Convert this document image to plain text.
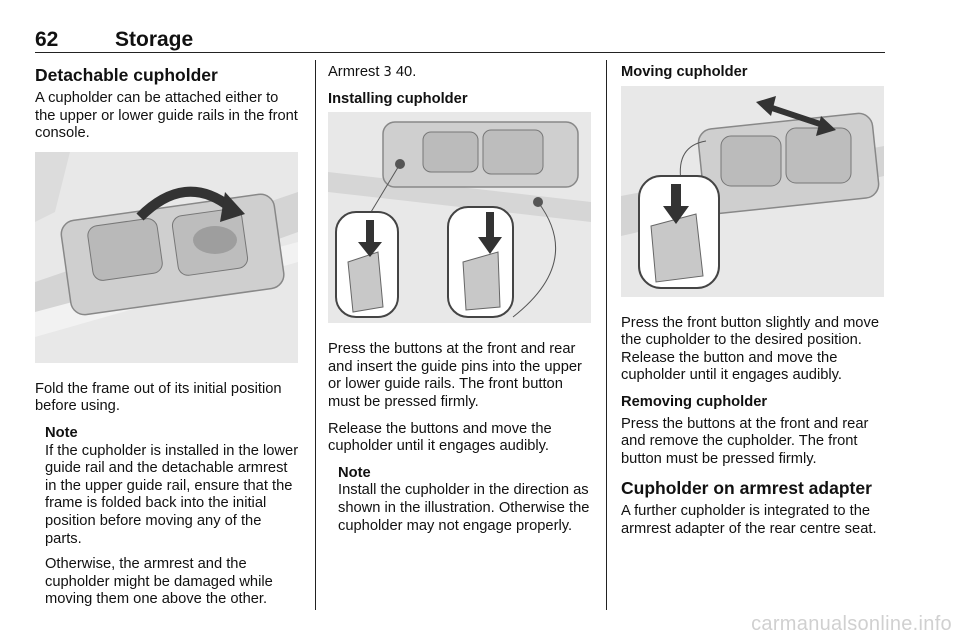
62	Storage
Detachable cupholder

A cupholder can be attached either to the upper or lower guide rails in the front console.

Fold the frame out of its initial position before using.

Note

If the cupholder is installed in the lower guide rail and the detachable armrest in the upper guide rail, ensure that the frame is folded back into the initial position before moving any of the parts.

Otherwise, the armrest and the cupholder might be damaged while moving them one above the other.

Armrest 3 40.

Installing cupholder

Press the buttons at the front and rear and insert the guide pins into the upper or lower guide rails. The front button must be pressed firmly.

Release the buttons and move the cupholder until it engages audibly.

Note

Install the cupholder in the direction as shown in the illustration. Otherwise the cupholder may not engage properly.

Moving cupholder

Press the front button slightly and move the cupholder to the desired position. Release the button and move the cupholder until it engages audibly.

Removing cupholder

Press the buttons at the front and rear and remove the cupholder. The front button must be pressed firmly.

Cupholder on armrest adapter

A further cupholder is integrated to the armrest adapter of the rear centre seat.

carmanualsonline.info
